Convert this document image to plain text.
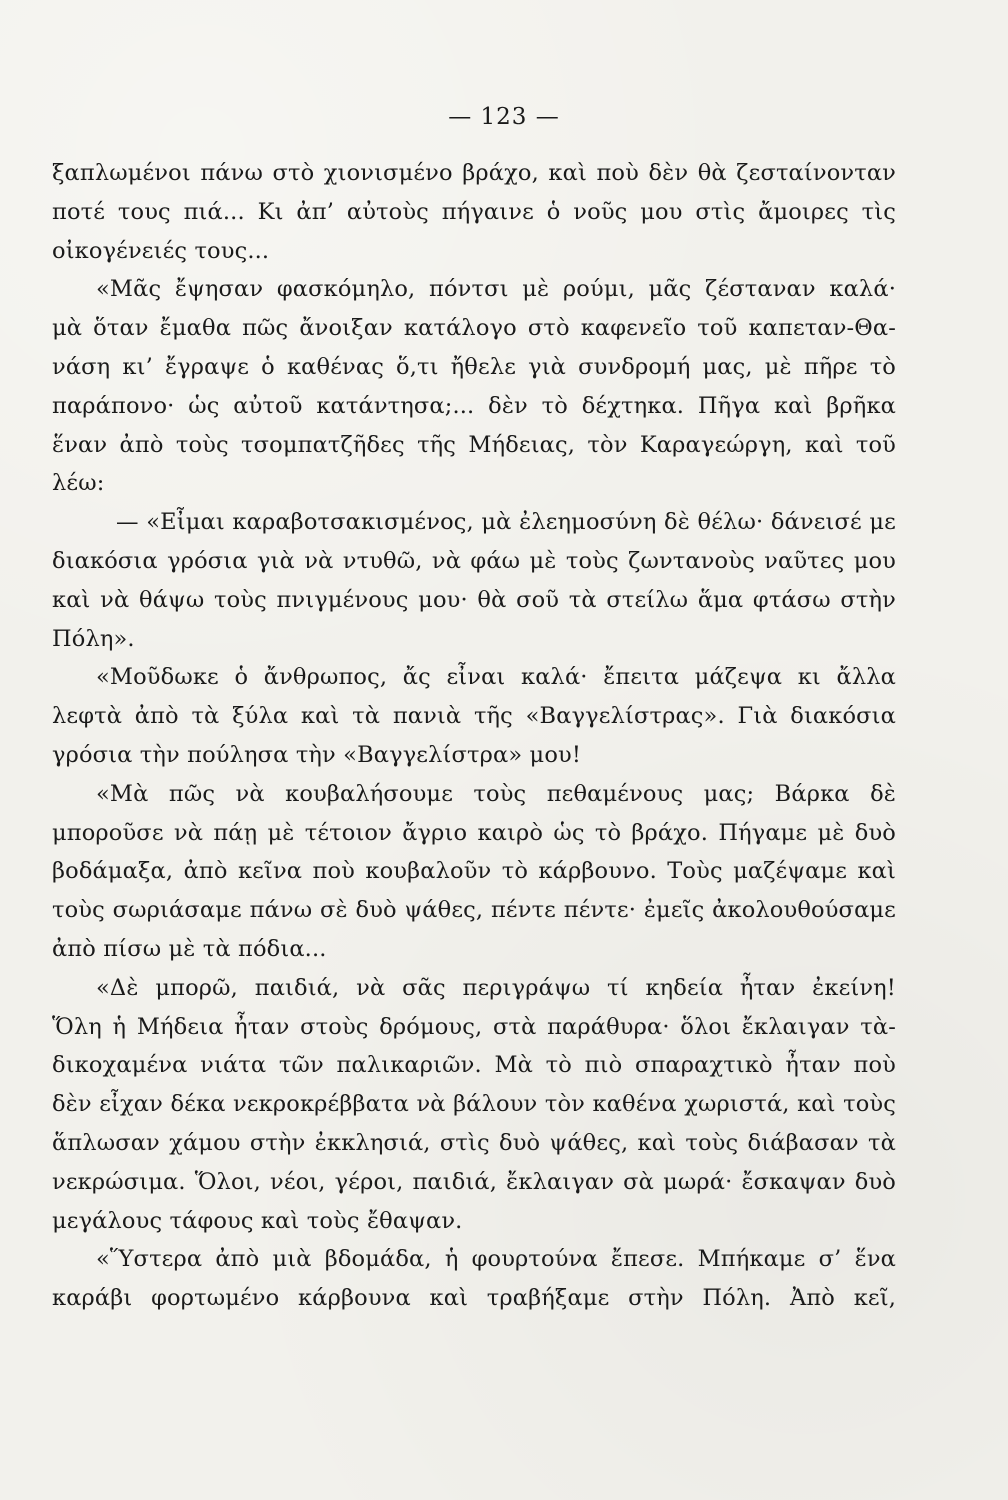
— 123 —
ξαπλωμένοι πάνω στὸ χιονισμένο βράχο, καὶ ποὺ δὲν θὰ ζεσταίνονταν
ποτέ τους πιά... Κι ἀπ’ αὐτοὺς πήγαινε ὁ νοῦς μου στὶς ἄμοιρες τὶς
οἰκογένειές τους...
«Μᾶς ἔψησαν φασκόμηλο, πόντσι μὲ ρούμι, μᾶς ζέσταναν καλά·
μὰ ὅταν ἔμαθα πῶς ἄνοιξαν κατάλογο στὸ καφενεῖο τοῦ καπεταν-Θα-
νάση κι’ ἔγραψε ὁ καθένας ὅ,τι ἤθελε γιὰ συνδρομή μας, μὲ πῆρε τὸ
παράπονο· ὡς αὐτοῦ κατάντησα;... δὲν τὸ δέχτηκα. Πῆγα καὶ βρῆκα
ἕναν ἀπὸ τοὺς τσομπατζῆδες τῆς Μήδειας, τὸν Καραγεώργη, καὶ τοῦ
λέω:
— «Εἶμαι καραβοτσακισμένος, μὰ ἐλεημοσύνη δὲ θέλω· δάνεισέ με
διακόσια γρόσια γιὰ νὰ ντυθῶ, νὰ φάω μὲ τοὺς ζωντανοὺς ναῦτες μου
καὶ νὰ θάψω τοὺς πνιγμένους μου· θὰ σοῦ τὰ στείλω ἅμα φτάσω στὴν
Πόλη».
«Μοῦδωκε ὁ ἄνθρωπος, ἄς εἶναι καλά· ἔπειτα μάζεψα κι ἄλλα
λεφτὰ ἀπὸ τὰ ξύλα καὶ τὰ πανιὰ τῆς «Βαγγελίστρας». Γιὰ διακόσια
γρόσια τὴν πούλησα τὴν «Βαγγελίστρα» μου!
«Μὰ πῶς νὰ κουβαλήσουμε τοὺς πεθαμένους μας; Βάρκα δὲ
μποροῦσε νὰ πάῃ μὲ τέτοιον ἄγριο καιρὸ ὡς τὸ βράχο. Πήγαμε μὲ δυὸ
βοδάμαξα, ἀπὸ κεῖνα ποὺ κουβαλοῦν τὸ κάρβουνο. Τοὺς μαζέψαμε καὶ
τοὺς σωριάσαμε πάνω σὲ δυὸ ψάθες, πέντε πέντε· ἐμεῖς ἀκολουθούσαμε
ἀπὸ πίσω μὲ τὰ πόδια...
«Δὲ μπορῶ, παιδιά, νὰ σᾶς περιγράψω τί κηδεία ἦταν ἐκείνη!
Ὅλη ἡ Μήδεια ἦταν στοὺς δρόμους, στὰ παράθυρα· ὅλοι ἔκλαιγαν τὰ-
δικοχαμένα νιάτα τῶν παλικαριῶν. Μὰ τὸ πιὸ σπαραχτικὸ ἦταν ποὺ
δὲν εἶχαν δέκα νεκροκρέββατα νὰ βάλουν τὸν καθένα χωριστά, καὶ τοὺς
ἅπλωσαν χάμου στὴν ἐκκλησιά, στὶς δυὸ ψάθες, καὶ τοὺς διάβασαν τὰ
νεκρώσιμα. Ὅλοι, νέοι, γέροι, παιδιά, ἔκλαιγαν σὰ μωρά· ἔσκαψαν δυὸ
μεγάλους τάφους καὶ τοὺς ἔθαψαν.
«Ὕστερα ἀπὸ μιὰ βδομάδα, ἡ φουρτούνα ἔπεσε. Μπήκαμε σ’ ἕνα
καράβι φορτωμένο κάρβουνα καὶ τραβήξαμε στὴν Πόλη. Ἀπὸ κεῖ,
